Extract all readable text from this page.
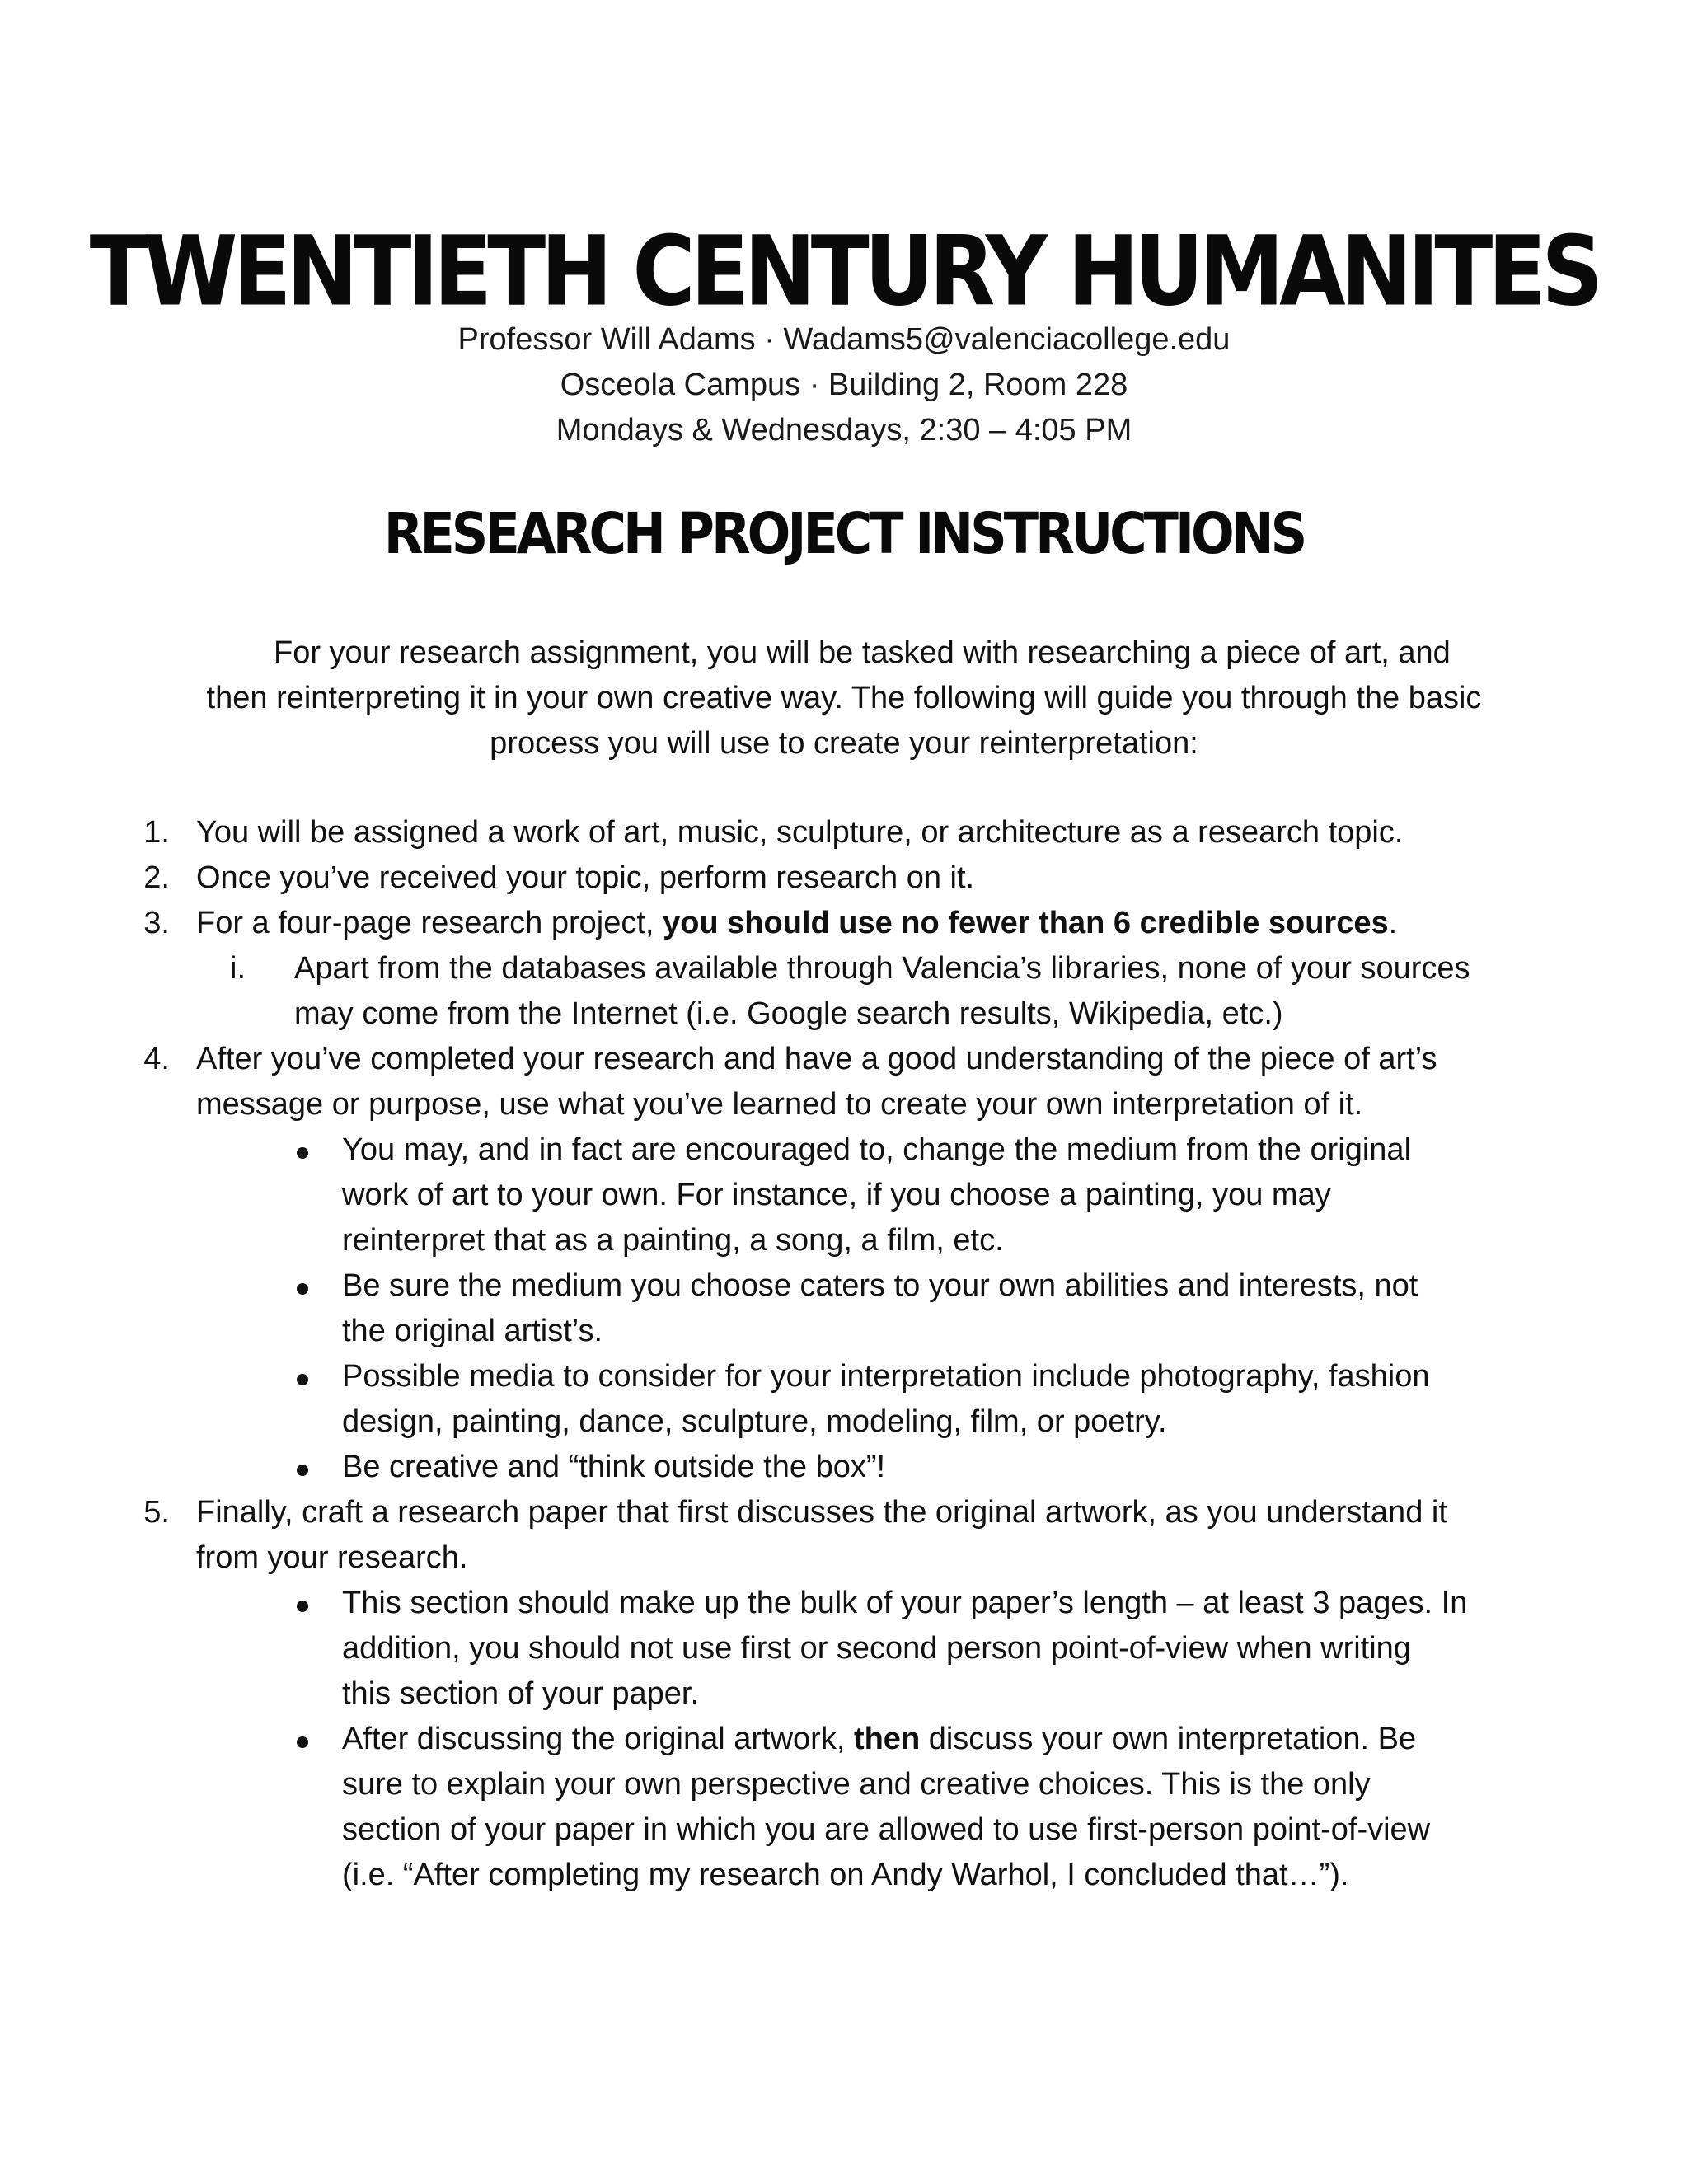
TWENTIETH CENTURY HUMANITES
Professor Will Adams · Wadams5@valenciacollege.edu
Osceola Campus · Building 2, Room 228
Mondays & Wednesdays, 2:30 – 4:05 PM
RESEARCH PROJECT INSTRUCTIONS
For your research assignment, you will be tasked with researching a piece of art, and
then reinterpreting it in your own creative way. The following will guide you through the basic
process you will use to create your reinterpretation:
1. You will be assigned a work of art, music, sculpture, or architecture as a research topic.
2. Once you’ve received your topic, perform research on it.
3. For a four-page research project, you should use no fewer than 6 credible sources.
i. Apart from the databases available through Valencia’s libraries, none of your sources
may come from the Internet (i.e. Google search results, Wikipedia, etc.)
4. After you’ve completed your research and have a good understanding of the piece of art’s
message or purpose, use what you’ve learned to create your own interpretation of it.
You may, and in fact are encouraged to, change the medium from the original
work of art to your own. For instance, if you choose a painting, you may
reinterpret that as a painting, a song, a film, etc.
Be sure the medium you choose caters to your own abilities and interests, not
the original artist’s.
Possible media to consider for your interpretation include photography, fashion
design, painting, dance, sculpture, modeling, film, or poetry.
Be creative and “think outside the box”!
5. Finally, craft a research paper that first discusses the original artwork, as you understand it
from your research.
This section should make up the bulk of your paper’s length – at least 3 pages. In
addition, you should not use first or second person point-of-view when writing
this section of your paper.
After discussing the original artwork, then discuss your own interpretation. Be
sure to explain your own perspective and creative choices. This is the only
section of your paper in which you are allowed to use first-person point-of-view
(i.e. “After completing my research on Andy Warhol, I concluded that…”).
